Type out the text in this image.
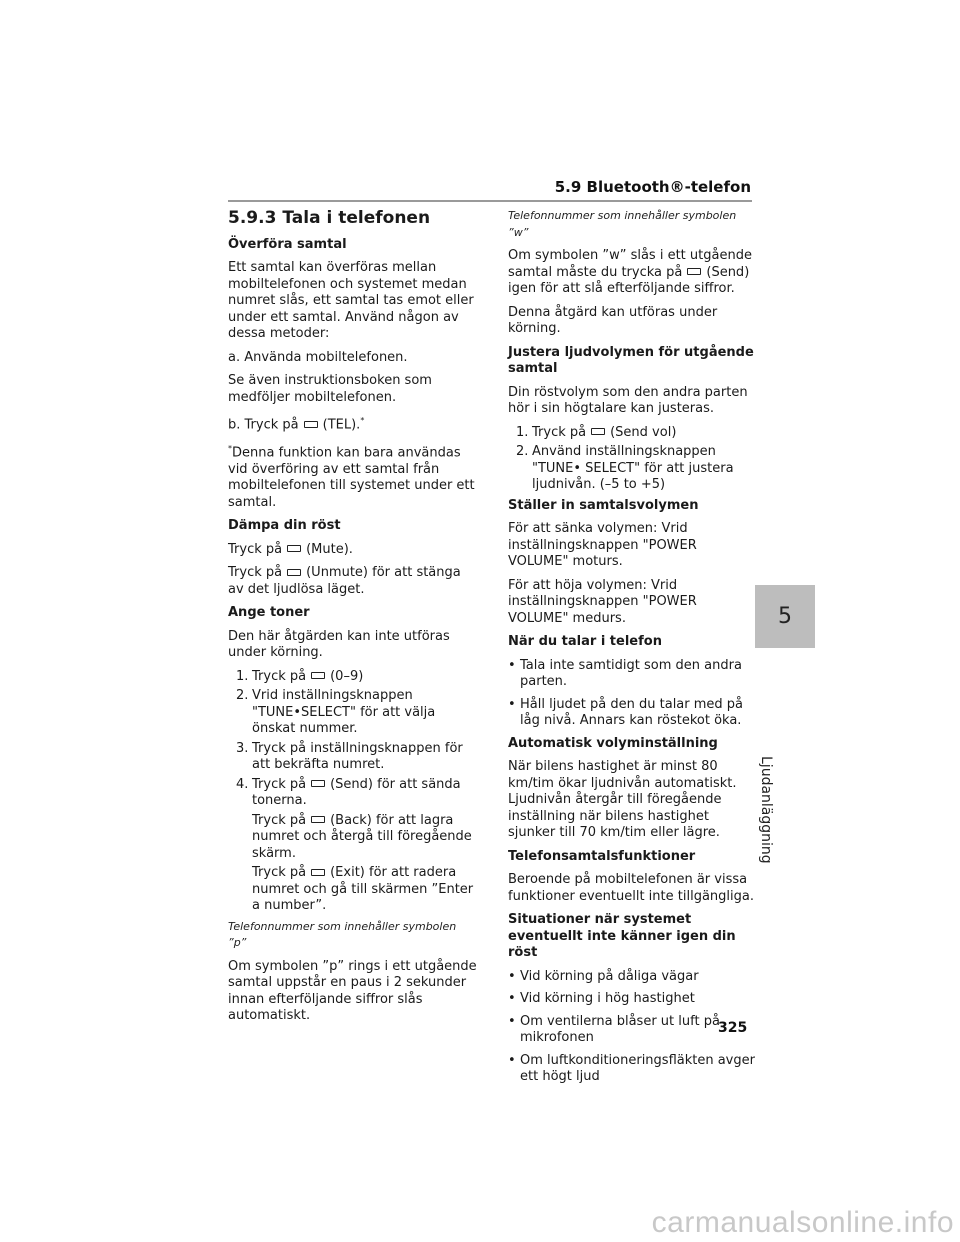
5.9 Bluetooth®-telefon
5.9.3 Tala i telefonen
Överföra samtal

Ett samtal kan överföras mellan mobiltelefonen och systemet medan numret slås, ett samtal tas emot eller under ett samtal. Använd någon av dessa metoder:

a. Använda mobiltelefonen.

Se även instruktionsboken som medföljer mobiltelefonen.

b. Tryck på (TEL).*

*Denna funktion kan bara användas vid överföring av ett samtal från mobiltelefonen till systemet under ett samtal.

Dämpa din röst

Tryck på (Mute).

Tryck på (Unmute) för att stänga av det ljudlösa läget.

Ange toner

Den här åtgärden kan inte utföras under körning.

1. Tryck på (0–9)
2. Vrid inställningsknappen "TUNE•SELECT" för att välja önskat nummer.
3. Tryck på inställningsknappen för att bekräfta numret.
4. Tryck på (Send) för att sända tonerna.
Tryck på (Back) för att lagra numret och återgå till föregående skärm.
Tryck på (Exit) för att radera numret och gå till skärmen ”Enter a number”.
Telefonnummer som innehåller symbolen ”p”

Om symbolen ”p” rings i ett utgående samtal uppstår en paus i 2 sekunder innan efterföljande siffror slås automatiskt.

Telefonnummer som innehåller symbolen ”w”

Om symbolen ”w” slås i ett utgående samtal måste du trycka på (Send) igen för att slå efterföljande siffror.

Denna åtgärd kan utföras under körning.

Justera ljudvolymen för utgående samtal

Din röstvolym som den andra parten hör i sin högtalare kan justeras.

1. Tryck på (Send vol)
2. Använd inställningsknappen "TUNE• SELECT" för att justera ljudnivån. (–5 to +5)
Ställer in samtalsvolymen

För att sänka volymen: Vrid inställningsknappen "POWER VOLUME" moturs.

För att höja volymen: Vrid inställningsknappen "POWER VOLUME" medurs.

När du talar i telefon
• Tala inte samtidigt som den andra parten.
• Håll ljudet på den du talar med på låg nivå. Annars kan röstekot öka.
Automatisk volyminställning

När bilens hastighet är minst 80 km/tim ökar ljudnivån automatiskt. Ljudnivån återgår till föregående inställning när bilens hastighet sjunker till 70 km/tim eller lägre.

Telefonsamtalsfunktioner

Beroende på mobiltelefonen är vissa funktioner eventuellt inte tillgängliga.

Situationer när systemet eventuellt inte känner igen din röst
• Vid körning på dåliga vägar
• Vid körning i hög hastighet
• Om ventilerna blåser ut luft på mikrofonen
• Om luftkonditioneringsfläkten avger ett högt ljud
5
Ljudanläggning
325
carmanualsonline.info
